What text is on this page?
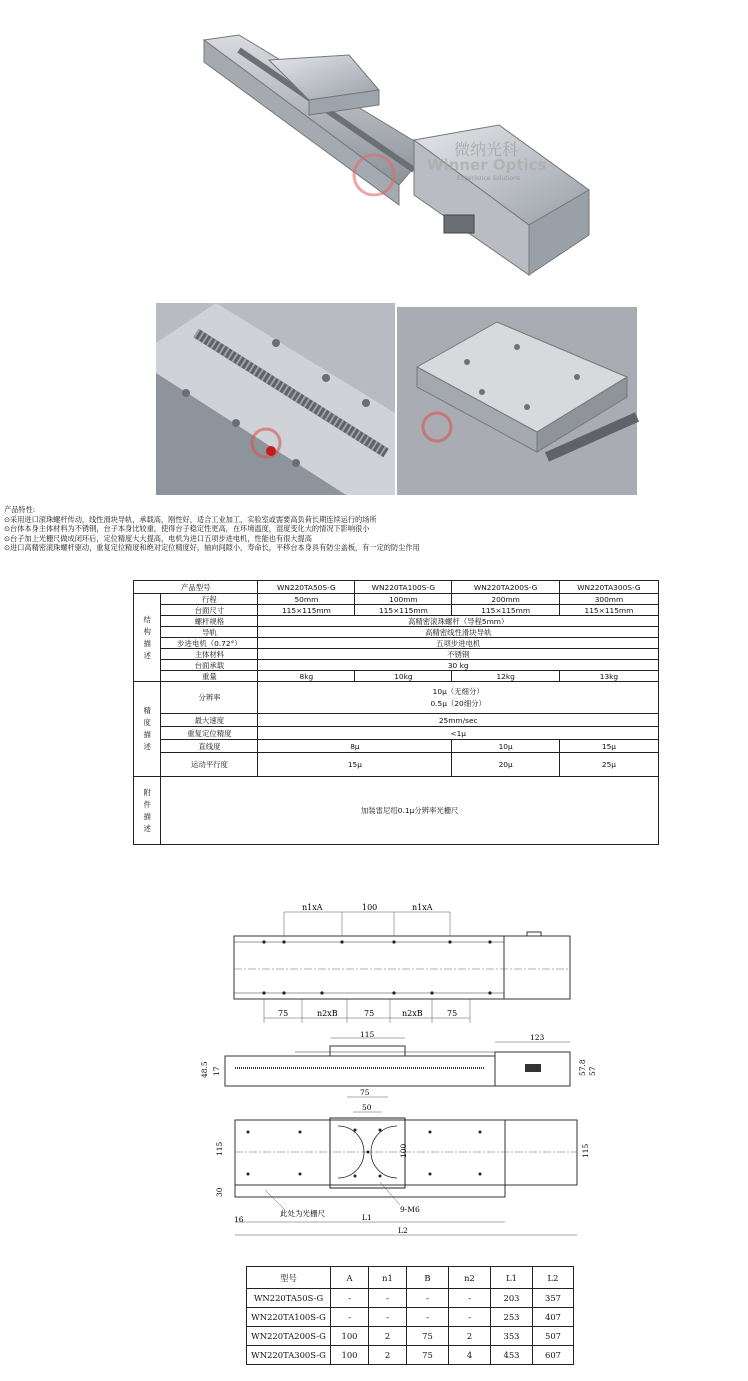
微纳光科
Winner Optics
Experience Solutions
产品特性:
⊙采用进口滚珠螺杆传动，线性滑块导轨，承载高，刚性好，适合工业加工，实验室或需要高负荷长期连续运行的场所
⊙台体本身主体材料为不锈钢，台子本身比较重，使得台子稳定性更高，在环境温度，湿度变化大的情况下影响很小
⊙台子加上光栅尺做成闭环后，定位精度大大提高，电机为进口五项步进电机，性能也有很大提高
⊙进口高精密滚珠螺杆驱动，重复定位精度和绝对定位精度好，轴向间隙小，寿命长，平移台本身具有防尘盖板，有一定的防尘作用
产品型号		WN220TA50S-G	WN220TA100S-G	WN220TA200S-G	WN220TA300S-G
结
构
描
述	行程	50mm	100mm	200mm	300mm
	台面尺寸	115×115mm	115×115mm	115×115mm	115×115mm
	螺杆规格	高精密滚珠螺杆（导程5mm）			
	导轨	高精密线性滑块导轨			
	步进电机（0.72°）	五项步进电机			
	主体材料	不锈钢			
	台面承载	30 kg			
	重量	8kg	10kg	12kg	13kg
精
度
描
述	分辨率	10μ（无细分）
0.5μ（20细分）			
	最大速度	25mm/sec			
	重复定位精度	<1μ			
	直线度	8μ		10μ	15μ
	运动平行度	15μ		20μ	25μ
附
件
描
述	加装雷尼绍0.1μ分辨率光栅尺				
n1xA	100	n1xA
75	n2xB	75	n2xB	75
115	123
48.5 17	57.8 57
75
50
115	100	115
30
9-M6
此处为光栅尺
16	L1
L2
型号	A	n1	B	n2	L1	L2
WN220TA50S-G	-	-	-	-	203	357
WN220TA100S-G	-	-	-	-	253	407
WN220TA200S-G	100	2	75	2	353	507
WN220TA300S-G	100	2	75	4	453	607
